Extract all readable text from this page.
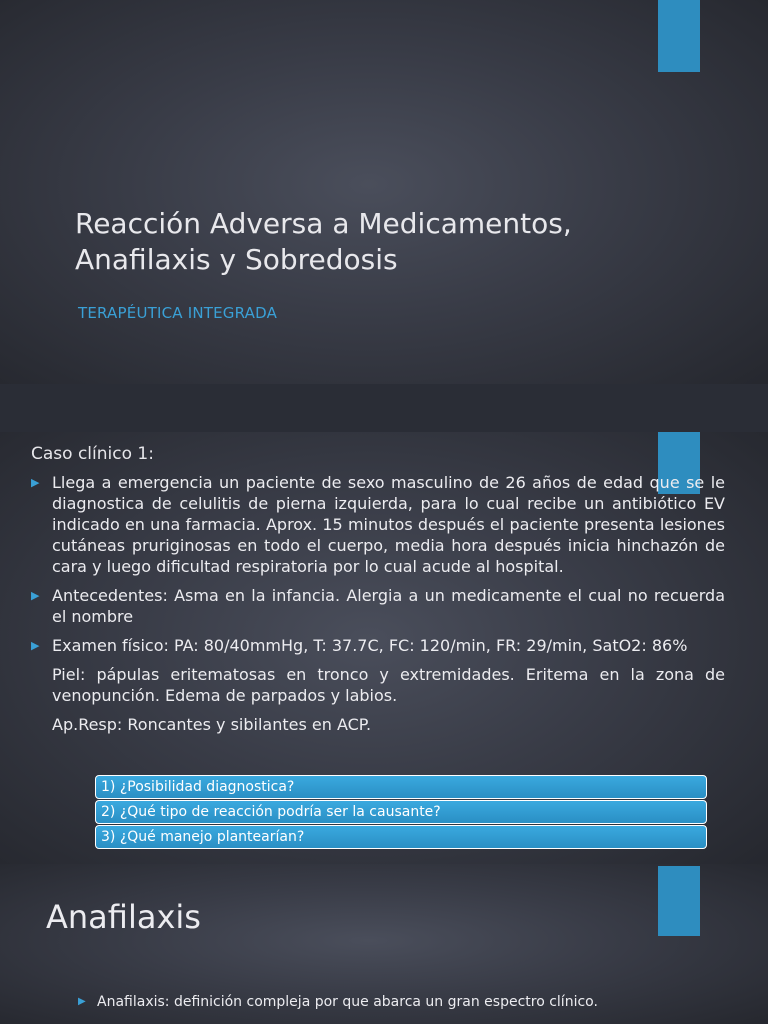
Reacción Adversa a Medicamentos,
Anafilaxis y Sobredosis
TERAPÉUTICA INTEGRADA
Caso clínico 1:
▶ Llega a emergencia un paciente de sexo masculino de 26 años de edad que se le diagnostica de celulitis de pierna izquierda, para lo cual recibe un antibiótico EV indicado en una farmacia. Aprox. 15 minutos después el paciente presenta lesiones cutáneas pruriginosas en todo el cuerpo, media hora después inicia hinchazón de cara y luego dificultad respiratoria por lo cual acude al hospital.
▶ Antecedentes: Asma en la infancia. Alergia a un medicamente el cual no recuerda el nombre
▶ Examen físico: PA: 80/40mmHg, T: 37.7C, FC: 120/min, FR: 29/min, SatO2: 86%
Piel: pápulas eritematosas en tronco y extremidades. Eritema en la zona de venopunción. Edema de parpados y labios.
Ap.Resp: Roncantes y sibilantes en ACP.
1) ¿Posibilidad diagnostica?
2) ¿Qué tipo de reacción podría ser la causante?
3) ¿Qué manejo plantearían?
Anafilaxis
▶ Anafilaxis: definición compleja por que abarca un gran espectro clínico.
